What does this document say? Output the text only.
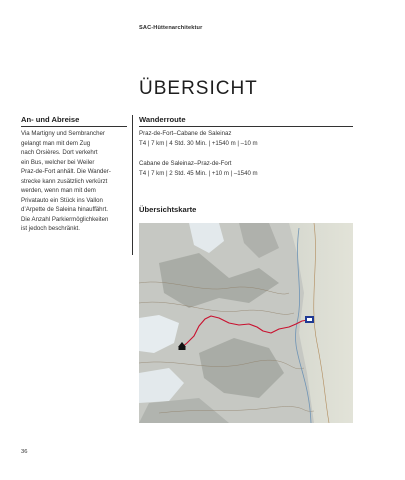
SAC-Hüttenarchitektur
ÜBERSICHT
An- und Abreise
Via Martigny und Sembrancher
gelangt man mit dem Zug
nach Orsières. Dort verkehrt
ein Bus, welcher bei Weiler
Praz-de-Fort anhält. Die Wander-
strecke kann zusätzlich verkürzt
werden, wenn man mit dem
Privatauto ein Stück ins Vallon
d’Arpette de Saleina hinauffährt.
Die Anzahl Parkiermöglichkeiten
ist jedoch beschränkt.
Wanderroute
Praz-de-Fort–Cabane de Saleinaz
T4 | 7 km | 4 Std. 30 Min. | +1540 m | –10 m
Cabane de Saleinaz–Praz-de-Fort
T4 | 7 km | 2 Std. 45 Min. | +10 m | –1540 m
Übersichtskarte
36
